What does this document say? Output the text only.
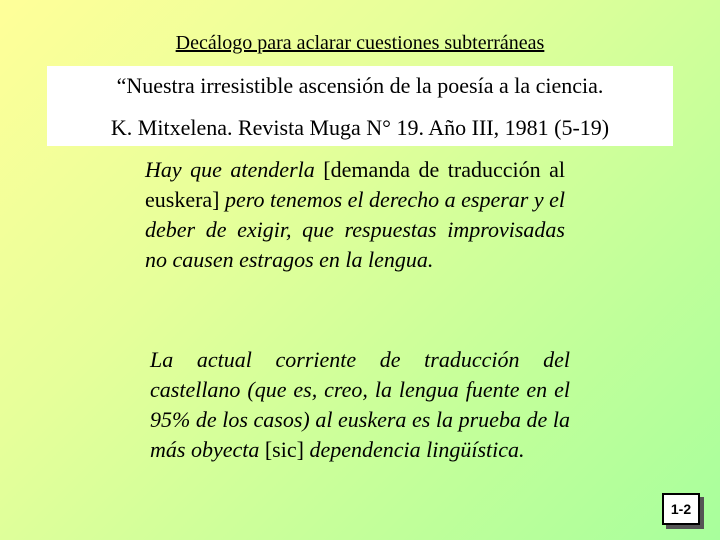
Decálogo para aclarar cuestiones subterráneas
“Nuestra irresistible ascensión de la poesía a la ciencia.
K. Mitxelena. Revista Muga N° 19. Año III, 1981 (5-19)
Hay que atenderla [demanda de traducción al euskera] pero tenemos el derecho a esperar y el deber de exigir, que respuestas improvisadas no causen estragos en la lengua.
La actual corriente de traducción del castellano (que es, creo, la lengua fuente en el 95% de los casos) al euskera es la prueba de la más obyecta [sic] dependencia lingüística.
1-2
